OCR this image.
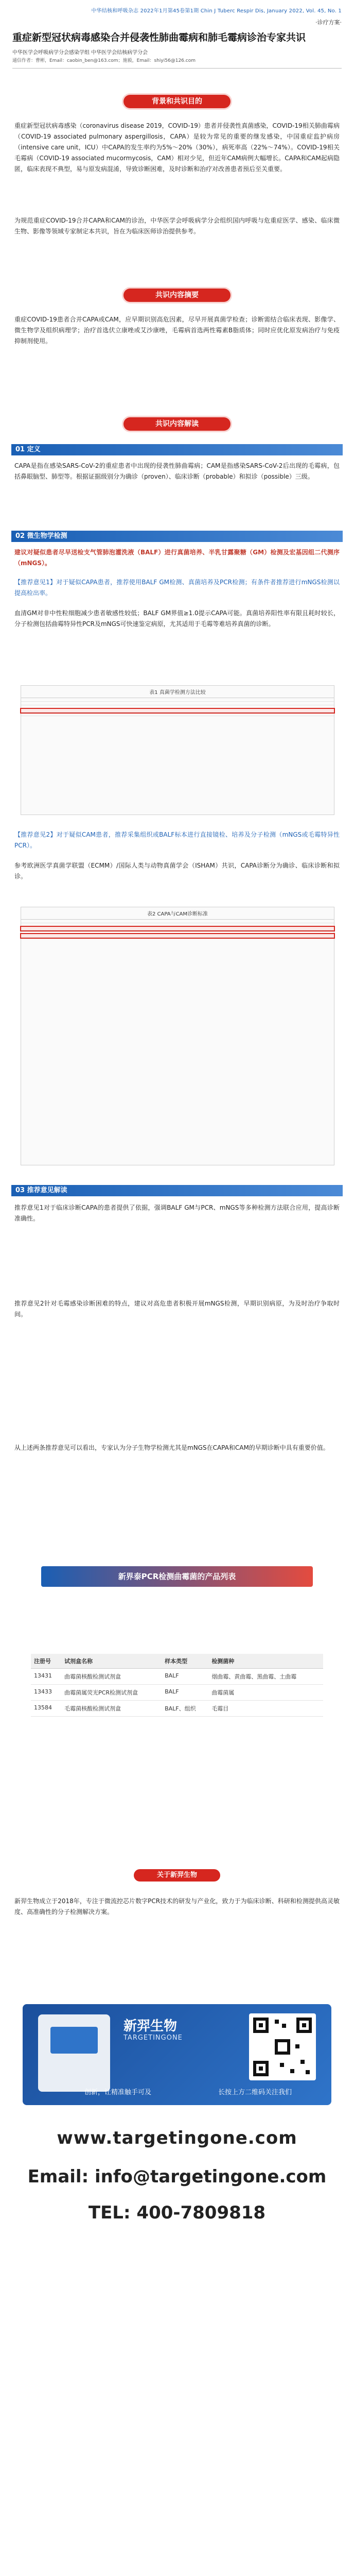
中华结核和呼吸杂志 2022年1月第45卷第1期 Chin J Tuberc Respir Dis, January 2022, Vol. 45, No. 1
·诊疗方案·
重症新型冠状病毒感染合并侵袭性肺曲霉病和肺毛霉病诊治专家共识
中华医学会呼吸病学分会感染学组 中华医学会结核病学分会
通信作者：曹彬，Email：caobin_ben@163.com；施毅，Email：shiyi56@126.com
背景和共识目的
重症新型冠状病毒感染（coronavirus disease 2019，COVID-19）患者并侵袭性真菌感染，COVID-19相关肺曲霉病（COVID-19 associated pulmonary aspergillosis，CAPA）是较为常见的重要的继发感染，中国重症监护病房（intensive care unit，ICU）中CAPA的发生率约为5%～20%（30%），病死率高（22%～74%）。COVID-19相关毛霉病（COVID-19 associated mucormycosis，CAM）相对少见，但近年CAM病例大幅增长。CAPA和CAM起病隐匿，临床表现不典型，易与原发病混淆，导致诊断困难，及时诊断和治疗对改善患者预后至关重要。
为规范重症COVID-19合并CAPA和CAM的诊治，中华医学会呼吸病学分会组织国内呼吸与危重症医学、感染、临床微生物、影像等领域专家制定本共识，旨在为临床医师诊治提供参考。
共识内容摘要
重症COVID-19患者合并CAPA或CAM，应早期识别高危因素，尽早开展真菌学检查；诊断需结合临床表现、影像学、微生物学及组织病理学；治疗首选伏立康唑或艾沙康唑，毛霉病首选两性霉素B脂质体；同时应优化原发病治疗与免疫抑制剂使用。
共识内容解读
01 定义
CAPA是指在感染SARS-CoV-2的重症患者中出现的侵袭性肺曲霉病；CAM是指感染SARS-CoV-2后出现的毛霉病，包括鼻眼脑型、肺型等。根据证据级别分为确诊（proven）、临床诊断（probable）和拟诊（possible）三级。
02 微生物学检测
建议对疑似患者尽早送检支气管肺泡灌洗液（BALF）进行真菌培养、半乳甘露聚糖（GM）检测及宏基因组二代测序（mNGS）。
【推荐意见1】对于疑似CAPA患者，推荐使用BALF GM检测、真菌培养及PCR检测；有条件者推荐进行mNGS检测以提高检出率。
血清GM对非中性粒细胞减少患者敏感性较低；BALF GM界值≥1.0提示CAPA可能。真菌培养阳性率有限且耗时较长，分子检测包括曲霉特异性PCR及mNGS可快速鉴定病原，尤其适用于毛霉等难培养真菌的诊断。
表1 真菌学检测方法比较
【推荐意见2】对于疑似CAM患者，推荐采集组织或BALF标本进行直接镜检、培养及分子检测（mNGS或毛霉特异性PCR）。
参考欧洲医学真菌学联盟（ECMM）/国际人类与动物真菌学会（ISHAM）共识，CAPA诊断分为确诊、临床诊断和拟诊。
表2 CAPA与CAM诊断标准
03 推荐意见解读
推荐意见1对于临床诊断CAPA的患者提供了依据，强调BALF GM与PCR、mNGS等多种检测方法联合应用，提高诊断准确性。
推荐意见2针对毛霉感染诊断困难的特点，建议对高危患者积极开展mNGS检测，早期识别病原，为及时治疗争取时间。
从上述两条推荐意见可以看出，专家认为分子生物学检测尤其是mNGS在CAPA和CAM的早期诊断中具有重要价值。
新界泰PCR检测曲霉菌的产品列表
注册号	试剂盒名称	样本类型	检测菌种
13431	曲霉菌核酸检测试剂盒	BALF	烟曲霉、黄曲霉、黑曲霉、土曲霉
13433	曲霉菌属荧光PCR检测试剂盒	BALF	曲霉菌属
13584	毛霉菌核酸检测试剂盒	BALF、组织	毛霉目
关于新羿生物
新羿生物成立于2018年，专注于微流控芯片数字PCR技术的研发与产业化，致力于为临床诊断、科研和检测提供高灵敏度、高准确性的分子检测解决方案。
新羿生物
TARGETINGONE
创新，让精准触手可及	长按上方二维码关注我们
www.targetingone.com
Email: info@targetingone.com
TEL: 400-7809818
